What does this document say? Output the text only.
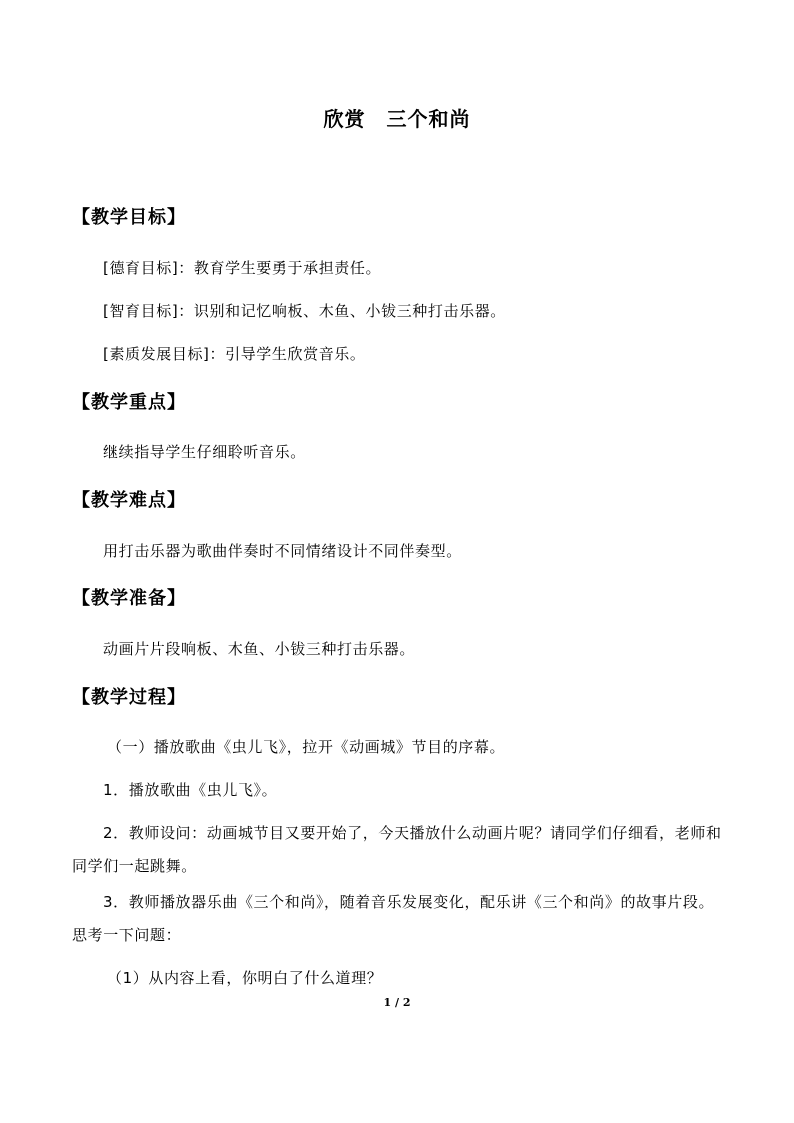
欣赏　三个和尚
【教学目标】
[德育目标]：教育学生要勇于承担责任。
[智育目标]：识别和记忆响板、木鱼、小钹三种打击乐器。
[素质发展目标]：引导学生欣赏音乐。
【教学重点】
继续指导学生仔细聆听音乐。
【教学难点】
用打击乐器为歌曲伴奏时不同情绪设计不同伴奏型。
【教学准备】
动画片片段响板、木鱼、小钹三种打击乐器。
【教学过程】
（一）播放歌曲《虫儿飞》，拉开《动画城》节目的序幕。
1．播放歌曲《虫儿飞》。
2．教师设问：动画城节目又要开始了，今天播放什么动画片呢？请同学们仔细看，老师和同学们一起跳舞。
3．教师播放器乐曲《三个和尚》，随着音乐发展变化，配乐讲《三个和尚》的故事片段。思考一下问题：
（1）从内容上看，你明白了什么道理？
1 / 2
